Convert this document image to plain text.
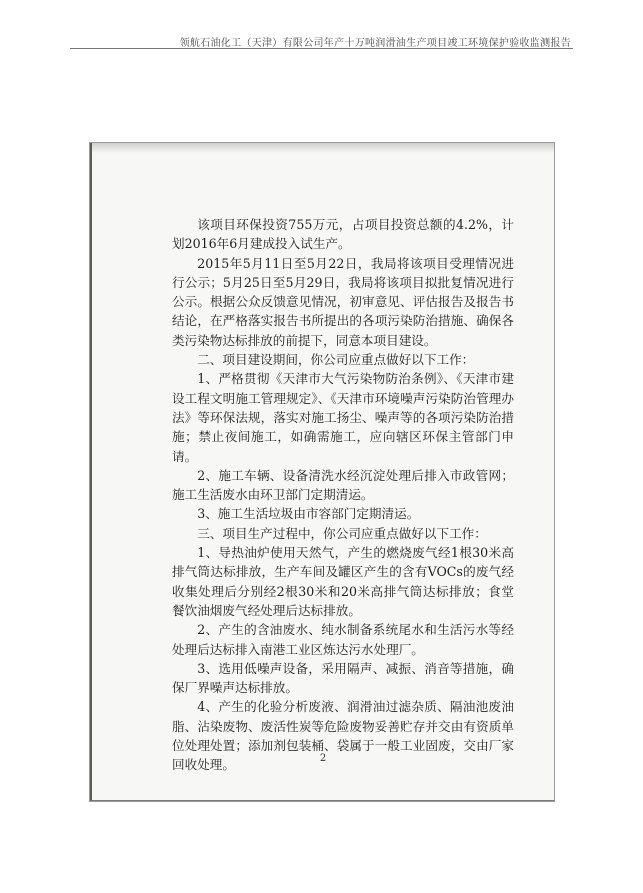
领航石油化工（天津）有限公司年产十万吨润滑油生产项目竣工环境保护验收监测报告

该项目环保投资755万元，占项目投资总额的4.2%，计划2016年6月建成投入试生产。

2015年5月11日至5月22日，我局将该项目受理情况进行公示；5月25日至5月29日，我局将该项目拟批复情况进行公示。根据公众反馈意见情况，初审意见、评估报告及报告书结论，在严格落实报告书所提出的各项污染防治措施、确保各类污染物达标排放的前提下，同意本项目建设。

二、项目建设期间，你公司应重点做好以下工作：

1、严格贯彻《天津市大气污染物防治条例》、《天津市建设工程文明施工管理规定》、《天津市环境噪声污染防治管理办法》等环保法规，落实对施工扬尘、噪声等的各项污染防治措施；禁止夜间施工，如确需施工，应向辖区环保主管部门申请。

2、施工车辆、设备清洗水经沉淀处理后排入市政管网；施工生活废水由环卫部门定期清运。

3、施工生活垃圾由市容部门定期清运。

三、项目生产过程中，你公司应重点做好以下工作：

1、导热油炉使用天然气，产生的燃烧废气经1根30米高排气筒达标排放，生产车间及罐区产生的含有VOCs的废气经收集处理后分别经2根30米和20米高排气筒达标排放；食堂餐饮油烟废气经处理后达标排放。

2、产生的含油废水、纯水制备系统尾水和生活污水等经处理后达标排入南港工业区炼达污水处理厂。

3、选用低噪声设备，采用隔声、减振、消音等措施，确保厂界噪声达标排放。

4、产生的化验分析废液、润滑油过滤杂质、隔油池废油脂、沾染废物、废活性炭等危险废物妥善贮存并交由有资质单位处理处置；添加剂包装桶、袋属于一般工业固废，交由厂家回收处理。	2
